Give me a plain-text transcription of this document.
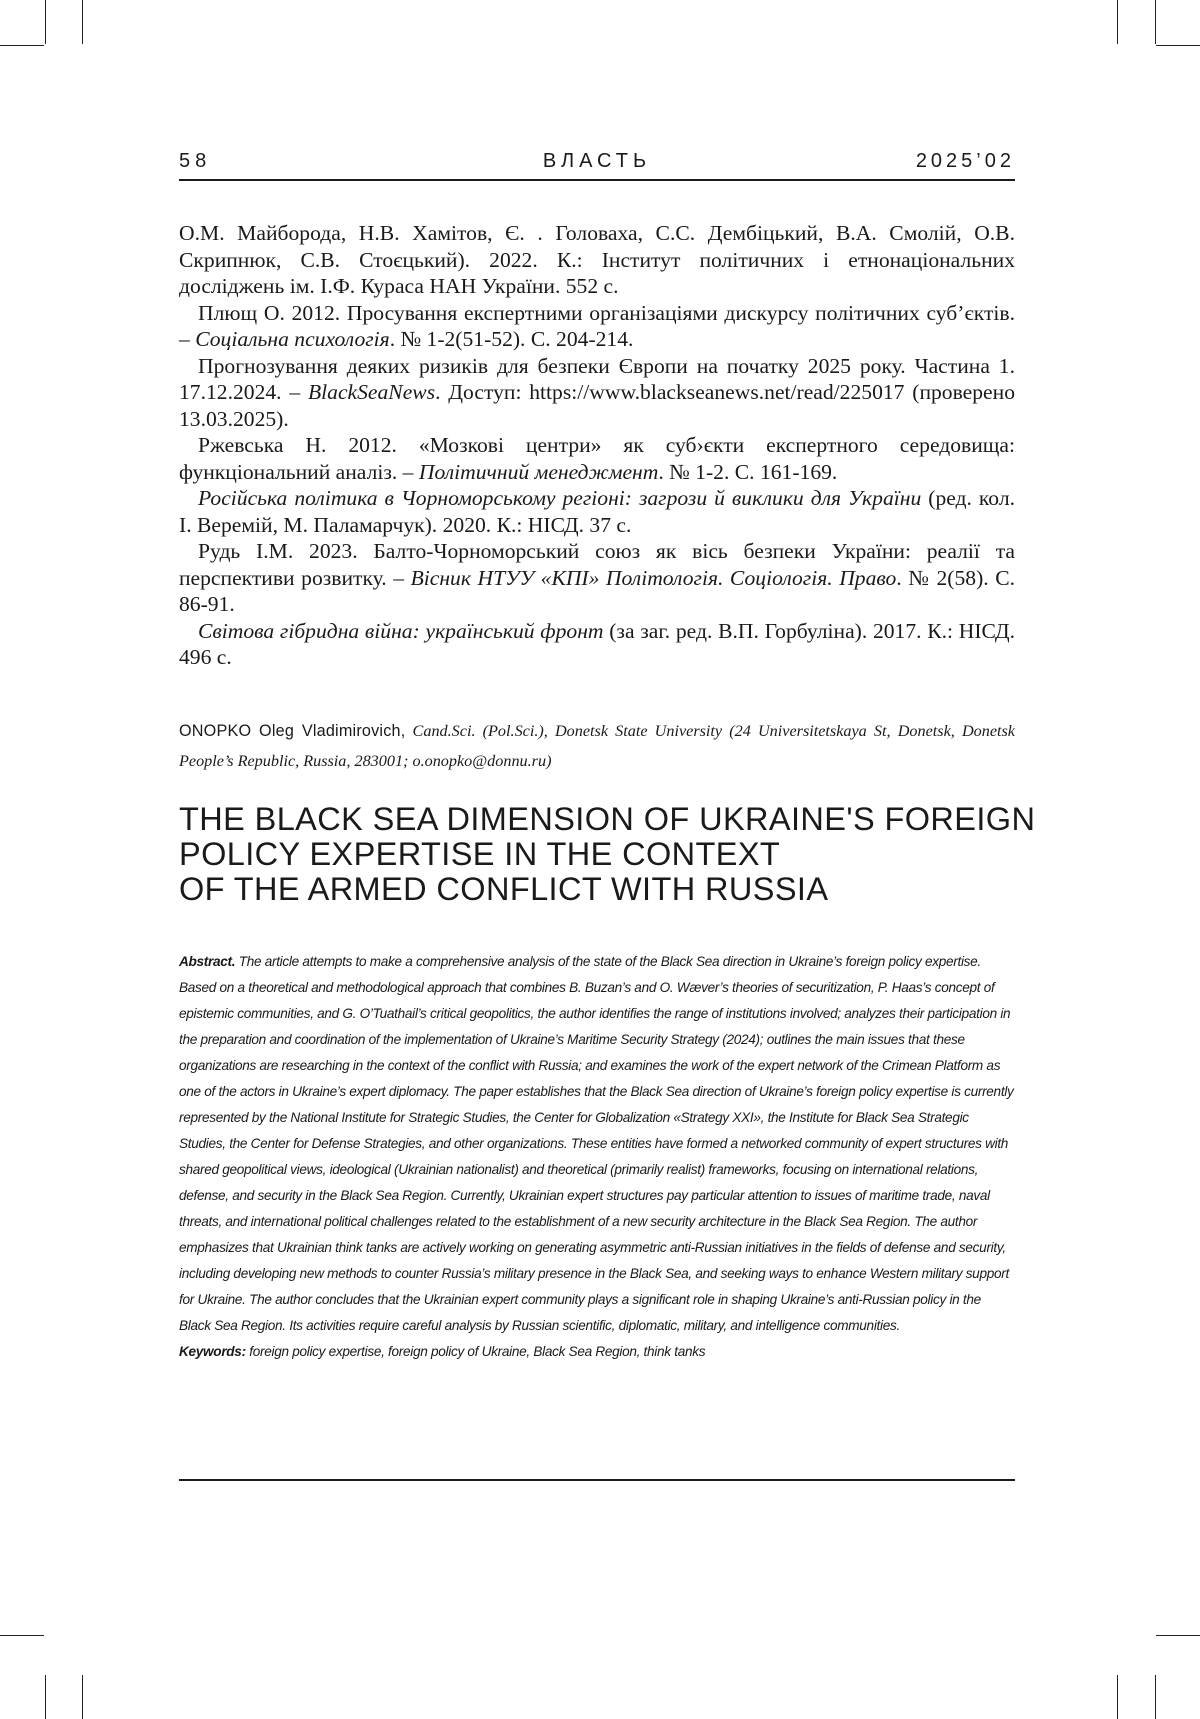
58	ВЛАСТЬ	2025’02

О.М. Майборода, Н.В. Хамітов, Є. . Головаха, С.С. Дембіцький, В.А. Смолій, О.В. Скрипнюк, С.В. Стоєцький). 2022. К.: Інститут політичних і етнонаціональних досліджень ім. І.Ф. Кураса НАН України. 552 с.

Плющ О. 2012. Просування експертними організаціями дискурсу політичних суб’єктів. – Соціальна психологія. № 1-2(51-52). С. 204-214.

Прогнозування деяких ризиків для безпеки Європи на початку 2025 року. Частина 1. 17.12.2024. – BlackSeaNews. Доступ: https://www.blackseanews.net/read/225017 (проверено 13.03.2025).

Ржевська Н. 2012. «Мозкові центри» як суб›єкти експертного середовища: функціональний аналіз. – Політичний менеджмент. № 1-2. С. 161-169.

Російська політика в Чорноморському регіоні: загрози й виклики для України (ред. кол. І. Веремій, М. Паламарчук). 2020. К.: НІСД. 37 с.

Рудь І.М. 2023. Балто-Чорноморський союз як вісь безпеки України: реалії та перспективи розвитку. – Вісник НТУУ «КПІ» Політологія. Соціологія. Право. № 2(58). С. 86-91.

Світова гібридна війна: український фронт (за заг. ред. В.П. Горбуліна). 2017. К.: НІСД. 496 с.

ONOPKO Oleg Vladimirovich, Cand.Sci. (Pol.Sci.), Donetsk State University (24 Universitetskaya St, Donetsk, Donetsk People’s Republic, Russia, 283001; o.onopko@donnu.ru)
THE BLACK SEA DIMENSION OF UKRAINE'S FOREIGN
POLICY EXPERTISE IN THE CONTEXT
OF THE ARMED CONFLICT WITH RUSSIA

Abstract. The article attempts to make a comprehensive analysis of the state of the Black Sea direction in Ukraine’s foreign policy expertise. Based on a theoretical and methodological approach that combines B. Buzan’s and O. Wæver’s theories of securitization, P. Haas’s concept of epistemic communities, and G. O’Tuathail’s critical geopolitics, the author identifies the range of institutions involved; analyzes their participation in the preparation and coordination of the implementation of Ukraine’s Maritime Security Strategy (2024); outlines the main issues that these organizations are researching in the context of the conflict with Russia; and examines the work of the expert network of the Crimean Platform as one of the actors in Ukraine’s expert diplomacy. The paper establishes that the Black Sea direction of Ukraine’s foreign policy expertise is currently represented by the National Institute for Strategic Studies, the Center for Globalization «Strategy XXI», the Institute for Black Sea Strategic Studies, the Center for Defense Strategies, and other organizations. These entities have formed a networked community of expert structures with shared geopolitical views, ideological (Ukrainian nationalist) and theoretical (primarily realist) frameworks, focusing on international relations, defense, and security in the Black Sea Region. Currently, Ukrainian expert structures pay particular attention to issues of maritime trade, naval threats, and international political challenges related to the establishment of a new security architecture in the Black Sea Region. The author emphasizes that Ukrainian think tanks are actively working on generating asymmetric anti-Russian initiatives in the fields of defense and security, including developing new methods to counter Russia’s military presence in the Black Sea, and seeking ways to enhance Western military support for Ukraine. The author concludes that the Ukrainian expert community plays a significant role in shaping Ukraine’s anti-Russian policy in the Black Sea Region. Its activities require careful analysis by Russian scientific, diplomatic, military, and intelligence communities.

Keywords: foreign policy expertise, foreign policy of Ukraine, Black Sea Region, think tanks
